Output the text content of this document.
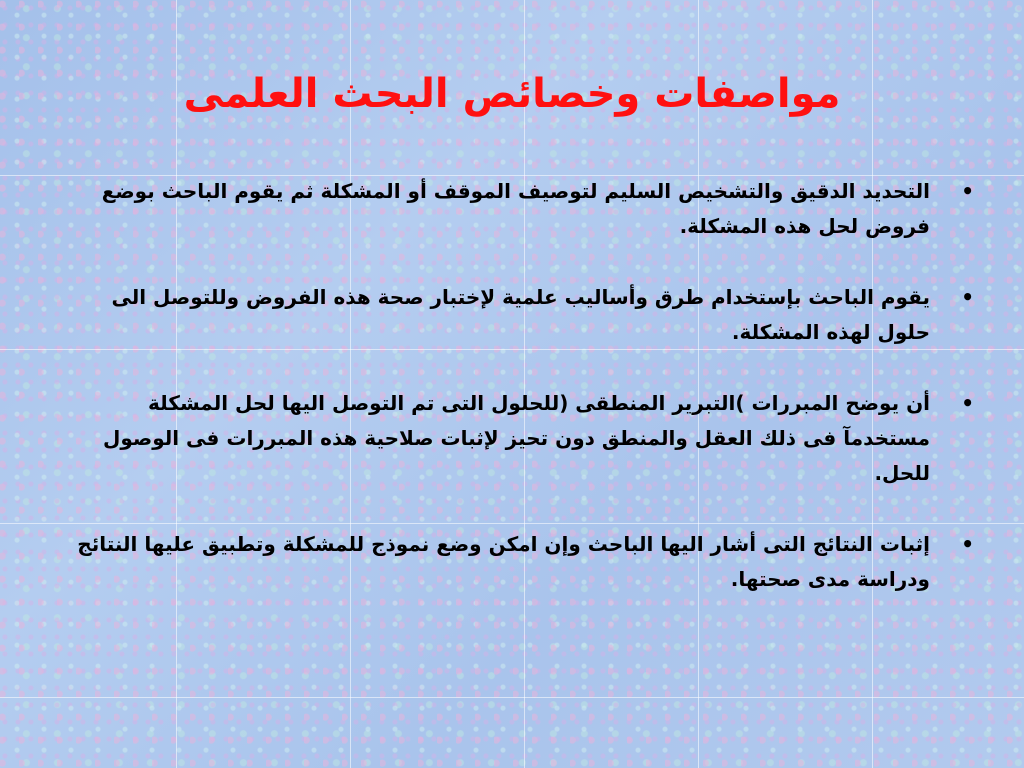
مواصفات وخصائص البحث العلمى
•
التحديد الدقيق والتشخيص السليم لتوصيف الموقف أو المشكلة ثم يقوم الباحث بوضع فروض لحل هذه المشكلة.
•
يقوم الباحث بإستخدام طرق وأساليب علمية لإختبار صحة هذه الفروض وللتوصل الى حلول لهذه المشكلة.
•
أن يوضح المبررات )التبرير المنطقى (للحلول التى تم التوصل اليها لحل المشكلة مستخدمآ فى ذلك العقل والمنطق دون تحيز لإثبات صلاحية هذه المبررات فى الوصول للحل.
•
إثبات النتائج التى أشار اليها الباحث وإن امكن وضع نموذج للمشكلة وتطبيق عليها النتائج ودراسة مدى صحتها.
